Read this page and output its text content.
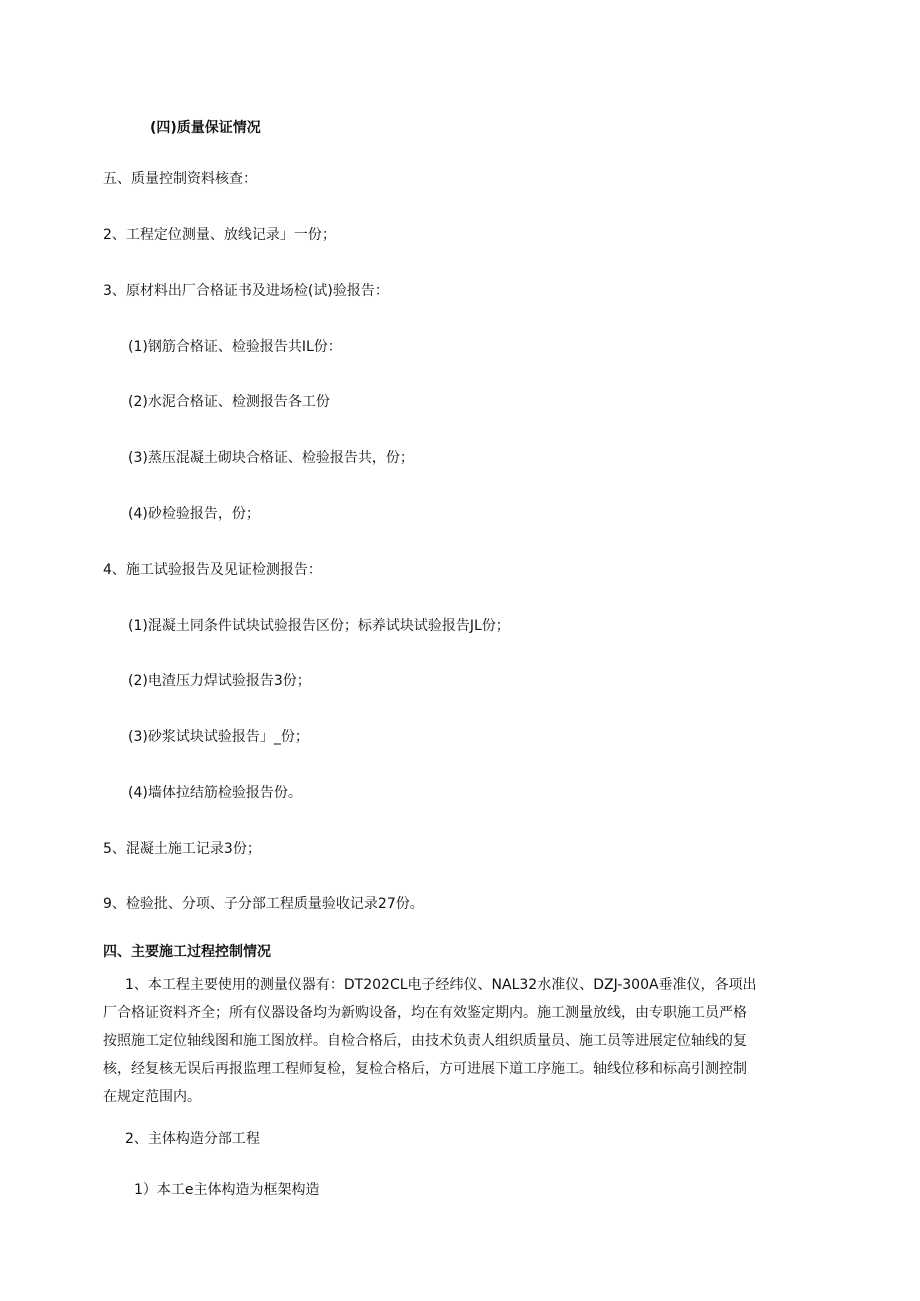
(四)质量保证情况
五、质量控制资料核查：
2、工程定位测量、放线记录」一份；
3、原材料出厂合格证书及进场检(试)验报告：
(1)钢筋合格证、检验报告共IL份：
(2)水泥合格证、检测报告各工份
(3)蒸压混凝土砌块合格证、检验报告共，份；
(4)砂检验报告，份；
4、施工试验报告及见证检测报告：
(1)混凝土同条件试块试验报告区份；标养试块试验报告JL份；
(2)电渣压力焊试验报告3份；
(3)砂浆试块试验报告」_份；
(4)墙体拉结筋检验报告份。
5、混凝土施工记录3份；
9、检验批、分项、子分部工程质量验收记录27份。
四、主要施工过程控制情况
1、本工程主要使用的测量仪器有：DT202CL电子经纬仪、NAL32水准仪、DZJ-300A垂准仪，各项出
厂合格证资料齐全；所有仪器设备均为新购设备，均在有效鉴定期内。施工测量放线，由专职施工员严格
按照施工定位轴线图和施工图放样。自检合格后，由技术负责人组织质量员、施工员等进展定位轴线的复
核，经复核无误后再报监理工程师复检，复检合格后，方可进展下道工序施工。轴线位移和标高引测控制
在规定范围内。
2、主体构造分部工程
1）本工e主体构造为框架构造
